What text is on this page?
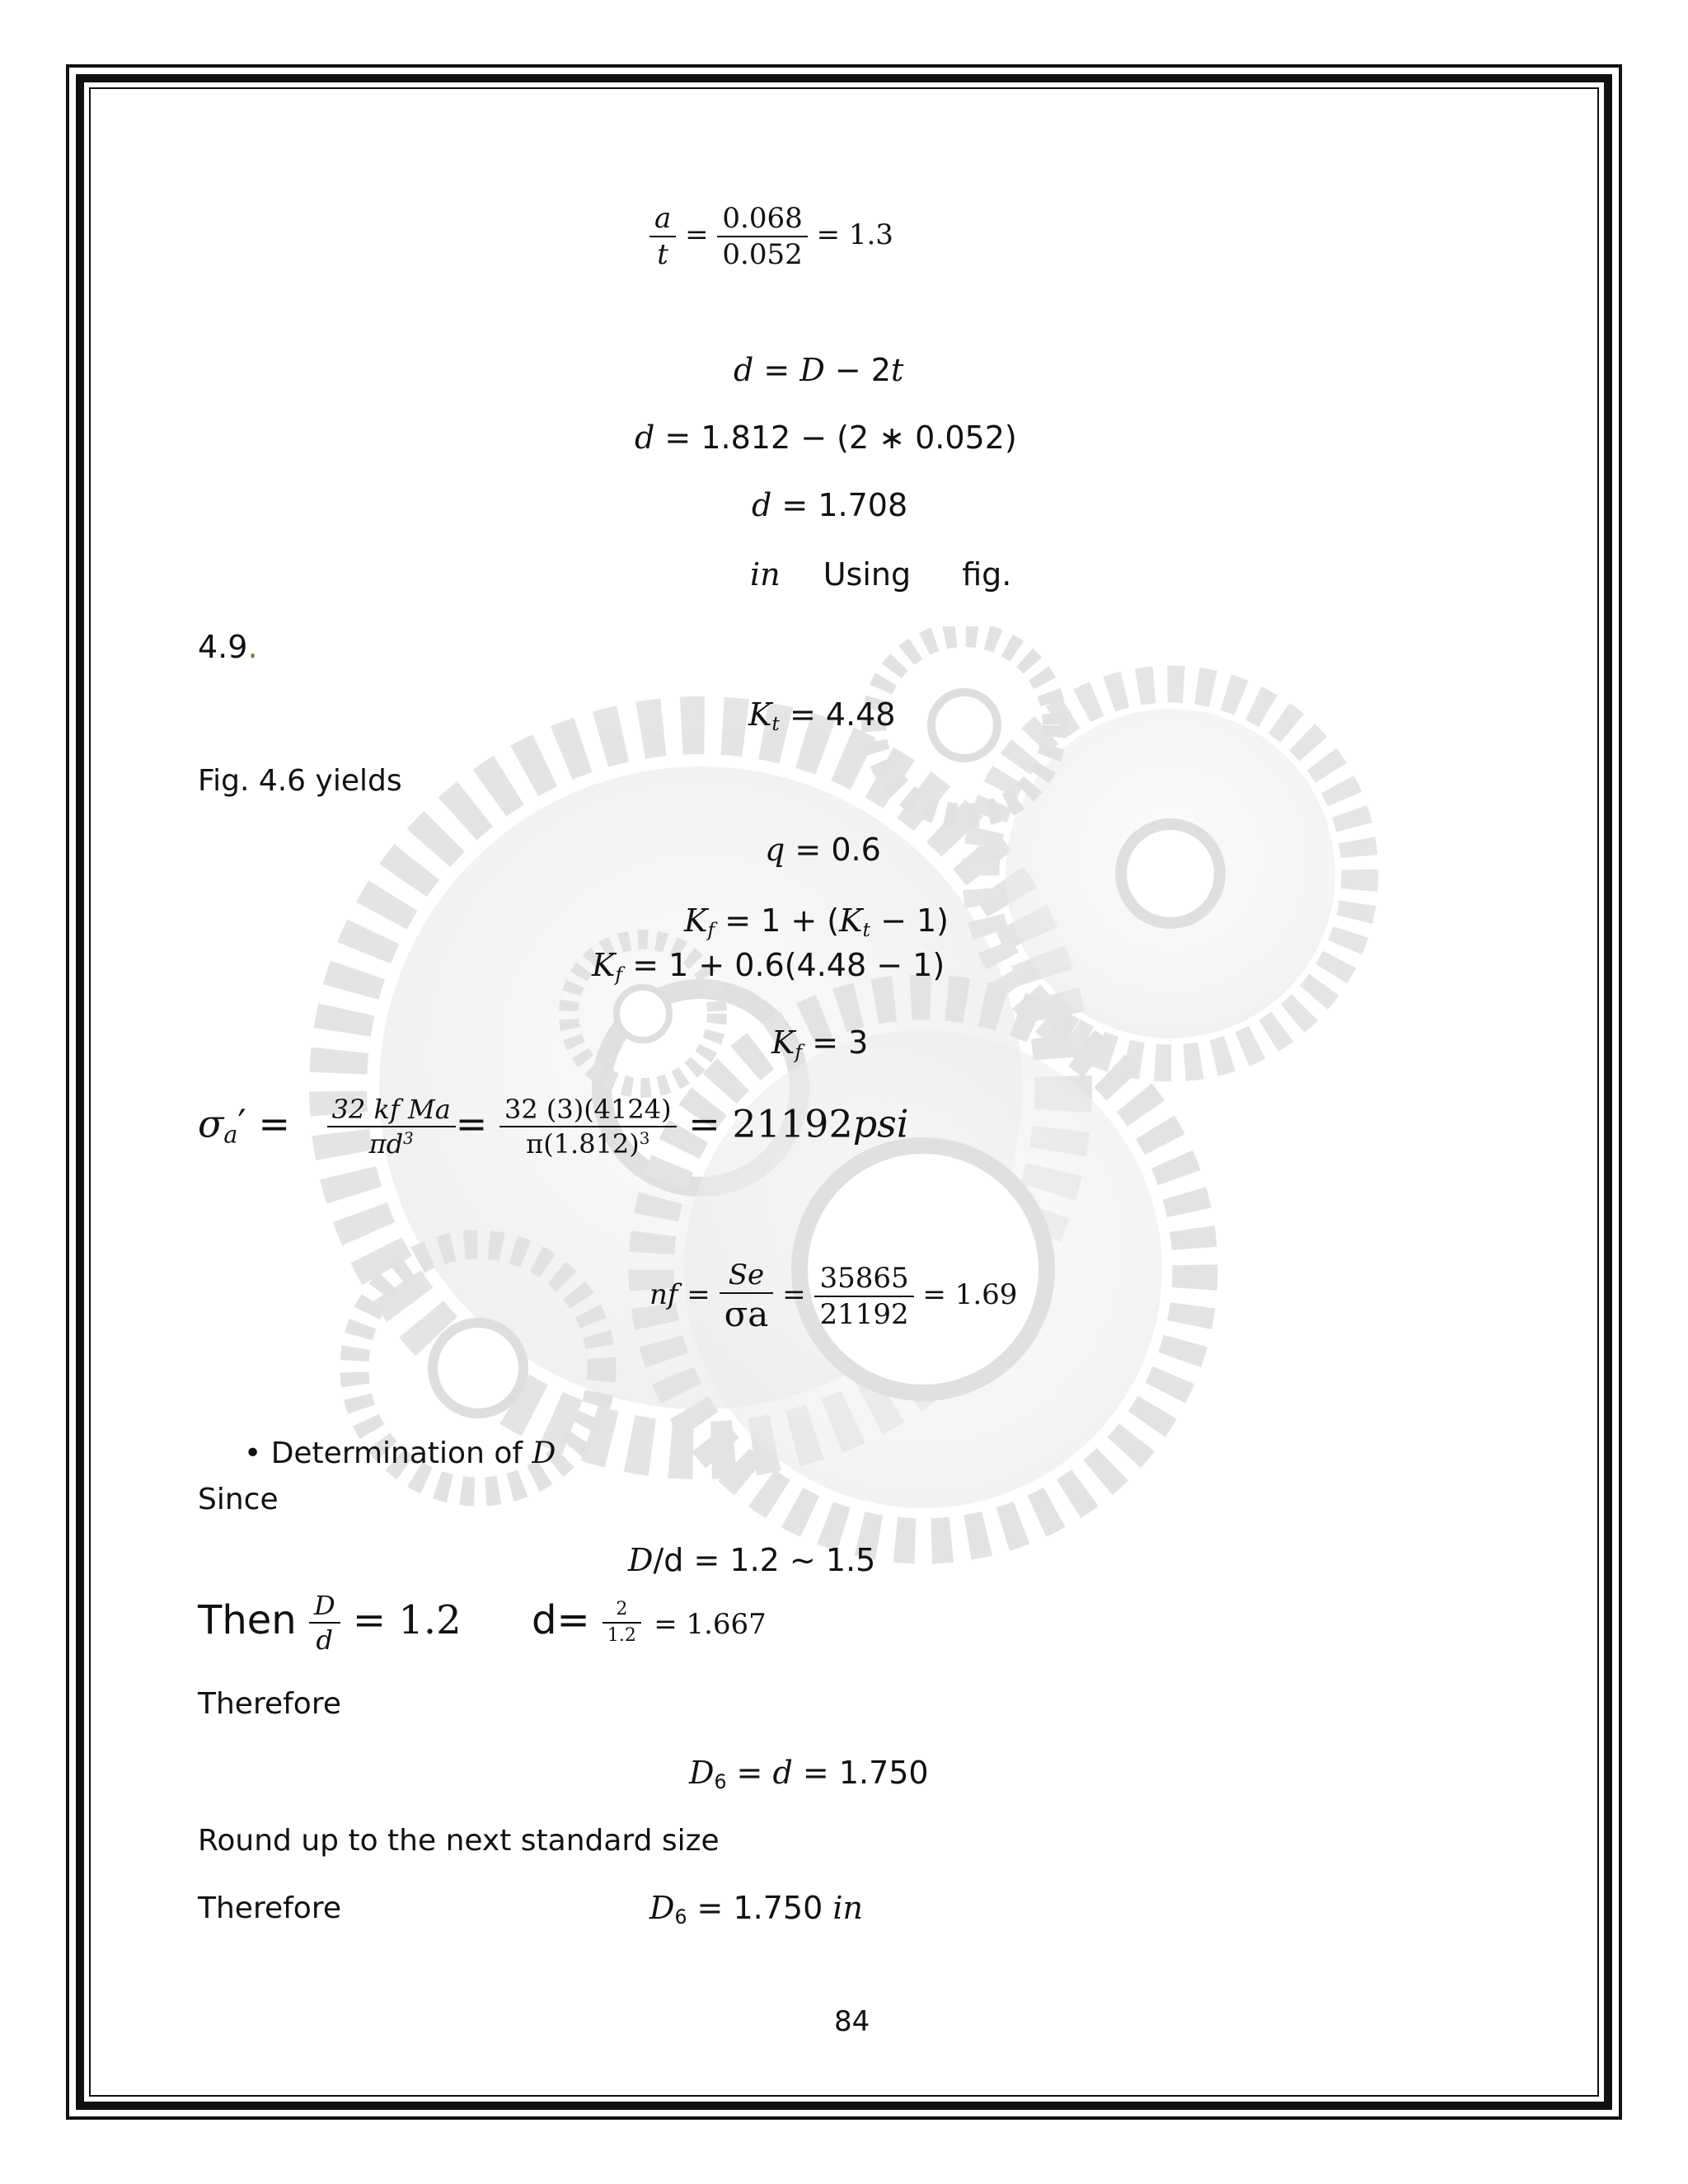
$\frac{a}{t} = \frac{0.068}{0.052} = 1.3$
d = D − 2t
d = 1.812 − (2 ∗ 0.052)
d = 1.708
in Using fig.
4.9.
$K_t = 4.48$
Fig. 4.6 yields
q = 0.6
$K_f = 1 + (K_t - 1)$
$K_f = 1 + 0.6(4.48 - 1)$
$K_f = 3$
$\sigma_a' = \frac{\text{32 kf Ma}}{\pi d^3} = \frac{32 (3)(4124)}{\pi(1.812)^3} = 21192psi$
nf = $\frac{Se}{\sigma a} = \frac{35865}{21192} = 1.69$
• Determination of D
Since
D/d = 1.2 ~ 1.5
Then $\frac{D}{d} = 1.2$ $d= \frac{2}{1.2} = 1.667$
Therefore
$D_6 = d = 1.750$
Round up to the next standard size
Therefore	$D_6 = 1.750$ in
84
